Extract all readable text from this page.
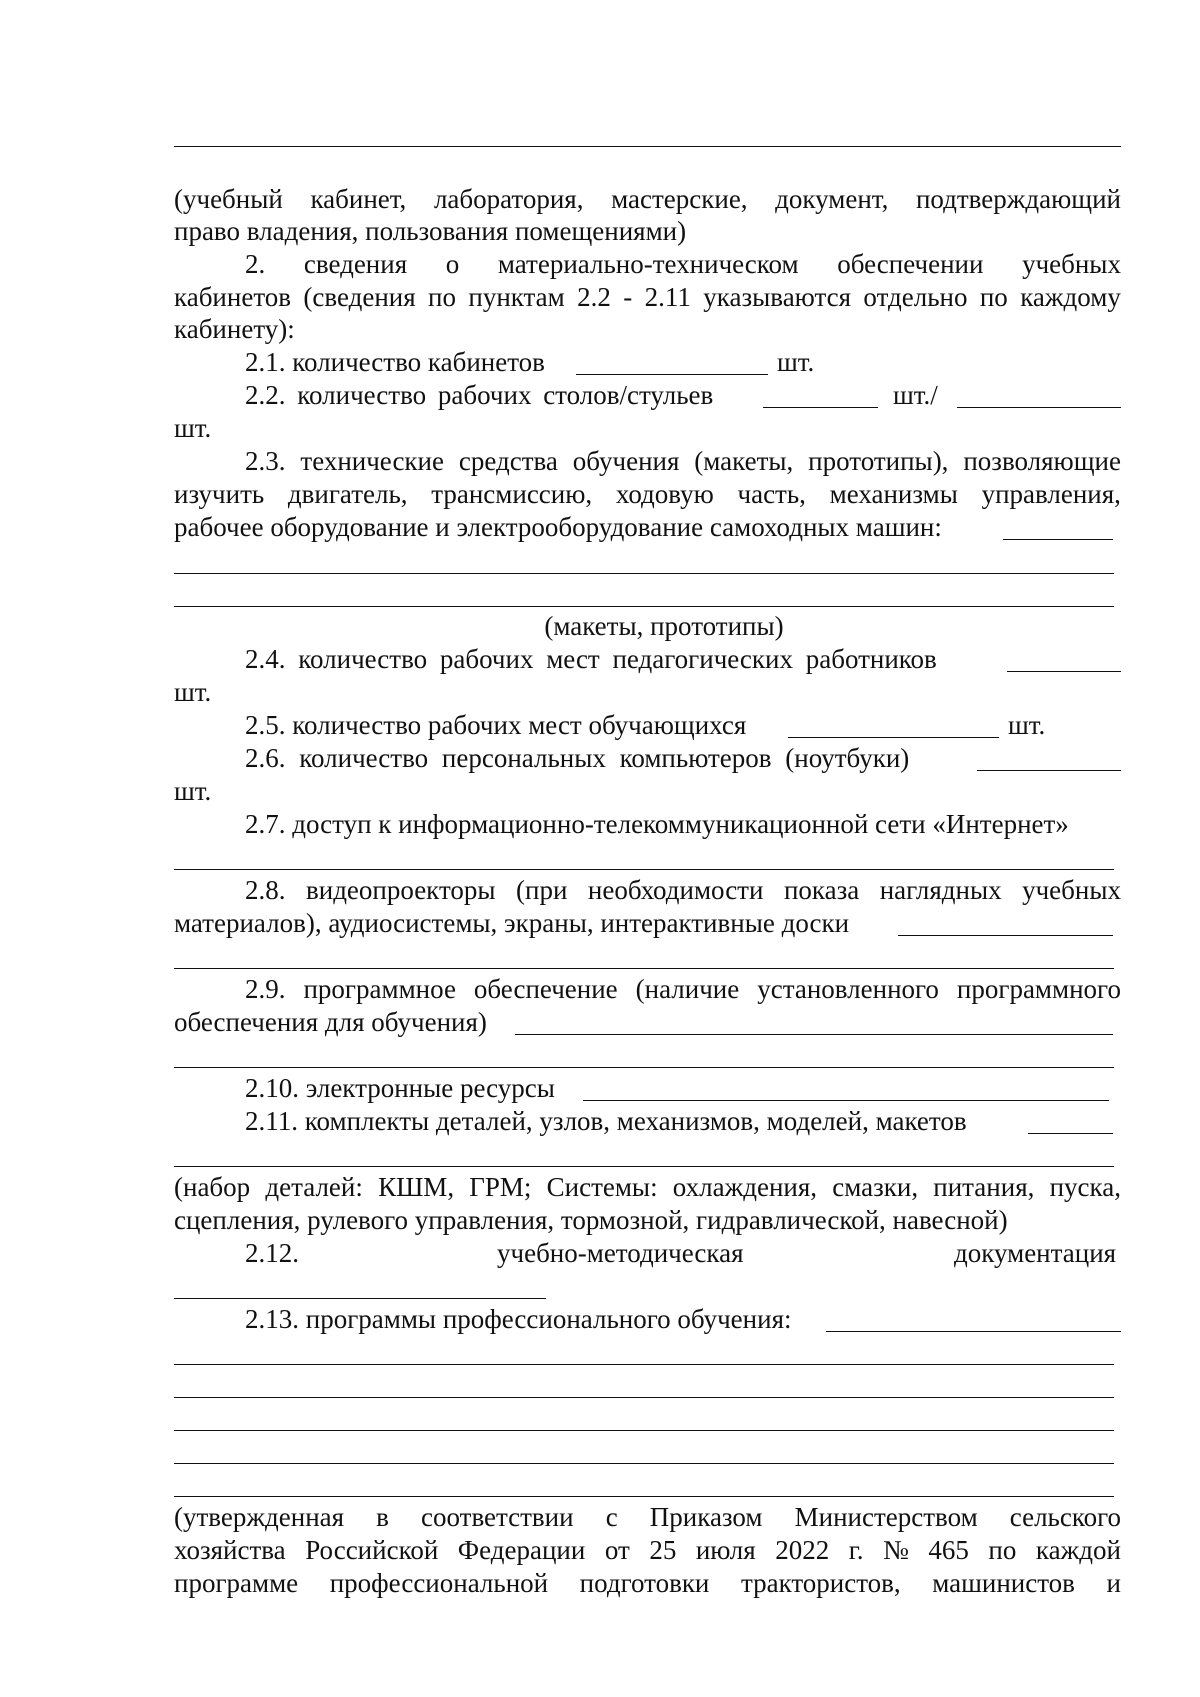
(учебный кабинет, лаборатория, мастерские, документ, подтверждающий
право владения, пользования помещениями)
2. сведения о материально-техническом обеспечении учебных
кабинетов (сведения по пунктам 2.2 - 2.11 указываются отдельно по каждому
кабинету):
2.1. количество кабинетов	шт.
2.2. количество рабочих столов/стульев	шт./
шт.
2.3. технические средства обучения (макеты, прототипы), позволяющие
изучить двигатель, трансмиссию, ходовую часть, механизмы управления,
рабочее оборудование и электрооборудование самоходных машин:
(макеты, прототипы)
2.4. количество рабочих мест педагогических работников
шт.
2.5. количество рабочих мест обучающихся	шт.
2.6. количество персональных компьютеров (ноутбуки)
шт.
2.7. доступ к информационно-телекоммуникационной сети «Интернет»
2.8. видеопроекторы (при необходимости показа наглядных учебных
материалов), аудиосистемы, экраны, интерактивные доски
2.9. программное обеспечение (наличие установленного программного
обеспечения для обучения)
2.10. электронные ресурсы
2.11. комплекты деталей, узлов, механизмов, моделей, макетов
(набор деталей: КШМ, ГРМ; Системы: охлаждения, смазки, питания, пуска,
сцепления, рулевого управления, тормозной, гидравлической, навесной)
2.12.	учебно-методическая	документация
2.13. программы профессионального обучения:
(утвержденная в соответствии с Приказом Министерством сельского
хозяйства Российской Федерации от 25 июля 2022 г. № 465 по каждой
программе профессиональной подготовки трактористов, машинистов и
